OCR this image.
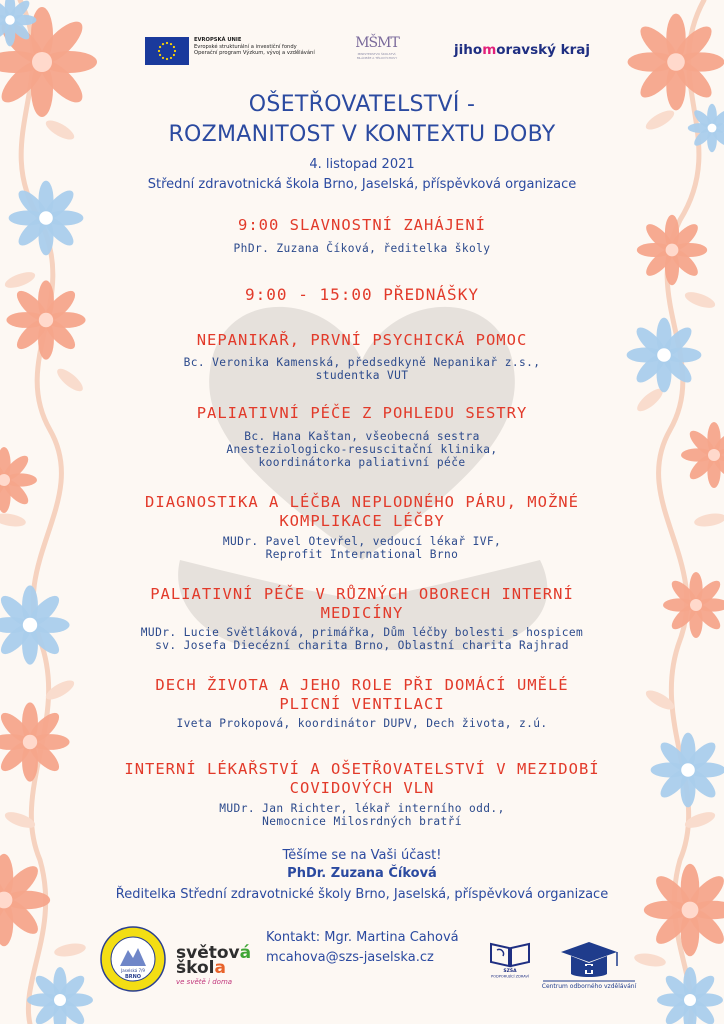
EVROPSKÁ UNIE
Evropské strukturální a investiční fondy
Operační program Výzkum, vývoj a vzdělávání
MŠMT
MINISTERSTVO ŠKOLSTVÍ, MLÁDEŽE A TĚLOVÝCHOVY	jihomoravský kraj
OŠETŘOVATELSTVÍ -
ROZMANITOST V KONTEXTU DOBY
4. listopad 2021
Střední zdravotnická škola Brno, Jaselská, příspěvková organizace
9:00 SLAVNOSTNÍ ZAHÁJENÍ
PhDr. Zuzana Číková, ředitelka školy
9:00 - 15:00 PŘEDNÁŠKY
NEPANIKAŘ, PRVNÍ PSYCHICKÁ POMOC
Bc. Veronika Kamenská, předsedkyně Nepanikař z.s.,
studentka VUT
PALIATIVNÍ PÉČE Z POHLEDU SESTRY
Bc. Hana Kaštan, všeobecná sestra
Anesteziologicko-resuscitační klinika,
koordinátorka paliativní péče
DIAGNOSTIKA A LÉČBA NEPLODNÉHO PÁRU, MOŽNÉ
KOMPLIKACE LÉČBY
MUDr. Pavel Otevřel, vedoucí lékař IVF,
Reprofit International Brno
PALIATIVNÍ PÉČE V RŮZNÝCH OBORECH INTERNÍ
MEDICÍNY
MUDr. Lucie Světláková, primářka, Dům léčby bolesti s hospicem
sv. Josefa Diecézní charita Brno, Oblastní charita Rajhrad
DECH ŽIVOTA A JEHO ROLE PŘI DOMÁCÍ UMĚLÉ
PLICNÍ VENTILACI
Iveta Prokopová, koordinátor DUPV, Dech života, z.ú.
INTERNÍ LÉKAŘSTVÍ A OŠETŘOVATELSTVÍ V MEZIDOBÍ
COVIDOVÝCH VLN
MUDr. Jan Richter, lékař interního odd.,
Nemocnice Milosrdných bratří
Těšíme se na Vaši účast!
PhDr. Zuzana Číková
Ředitelka Střední zdravotnické školy Brno, Jaselská, příspěvková organizace
Jaselská 7/9
BRNO
světová
škola
ve světě i doma
Kontakt: Mgr. Martina Cahová
mcahova@szs-jaselska.cz
SZŠA
PODPORUJÍCÍ ZDRAVÍ
Centrum odborného vzdělávání
